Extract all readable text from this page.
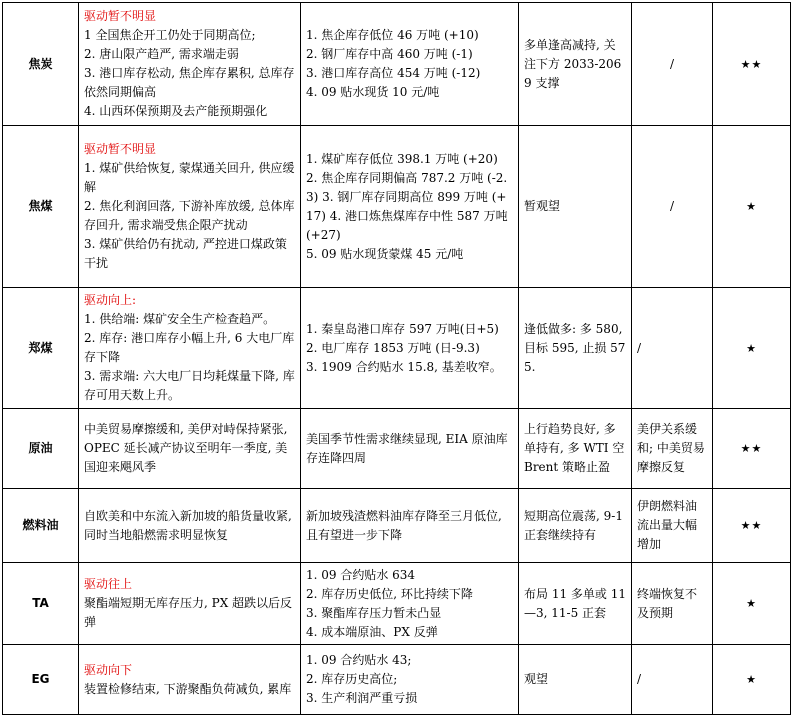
焦炭	驱动暂不明显
1 全国焦企开工仍处于同期高位;
2. 唐山限产趋严, 需求端走弱
3. 港口库存松动, 焦企库存累积, 总库存依然同期偏高
4. 山西环保预期及去产能预期强化	1. 焦企库存低位 46 万吨 (+10)
2. 钢厂库存中高 460 万吨 (-1)
3. 港口库存高位 454 万吨 (-12)
4. 09 贴水现货 10 元/吨	多单逢高减持, 关注下方 2033-2069 支撑	/	★★
焦煤	驱动暂不明显
1. 煤矿供给恢复, 蒙煤通关回升, 供应缓解
2. 焦化利润回落, 下游补库放缓, 总体库存回升, 需求端受焦企限产扰动
3. 煤矿供给仍有扰动, 严控进口煤政策干扰	1. 煤矿库存低位 398.1 万吨 (+20)
2. 焦企库存同期偏高 787.2 万吨 (-2.3) 3. 钢厂库存同期高位 899 万吨 (+17) 4. 港口炼焦煤库存中性 587 万吨 (+27)
5. 09 贴水现货蒙煤 45 元/吨	暂观望	/	★
郑煤	驱动向上:
1. 供给端: 煤矿安全生产检查趋严。
2. 库存: 港口库存小幅上升, 6 大电厂库存下降
3. 需求端: 六大电厂日均耗煤量下降, 库存可用天数上升。	1. 秦皇岛港口库存 597 万吨(日+5)
2. 电厂库存 1853 万吨 (日-9.3)
3. 1909 合约贴水 15.8, 基差收窄。	逢低做多: 多 580, 目标 595, 止损 575.	/	★
原油	中美贸易摩擦缓和, 美伊对峙保持紧张, OPEC 延长减产协议至明年一季度, 美国迎来飓风季	美国季节性需求继续显现, EIA 原油库存连降四周	上行趋势良好, 多单持有, 多 WTI 空 Brent 策略止盈	美伊关系缓和; 中美贸易摩擦反复	★★
燃料油	自欧美和中东流入新加坡的船货量收紧, 同时当地船燃需求明显恢复	新加坡残渣燃料油库存降至三月低位, 且有望进一步下降	短期高位震荡, 9-1 正套继续持有	伊朗燃料油流出量大幅增加	★★
TA	驱动往上
聚酯端短期无库存压力, PX 超跌以后反弹	1. 09 合约贴水 634
2. 库存历史低位, 环比持续下降
3. 聚酯库存压力暂未凸显
4. 成本端原油、PX 反弹	布局 11 多单或 11—3, 11-5 正套	终端恢复不及预期	★
EG	驱动向下
装置检修结束, 下游聚酯负荷减负, 累库	1. 09 合约贴水 43;
2. 库存历史高位;
3. 生产利润严重亏损	观望	/	★
